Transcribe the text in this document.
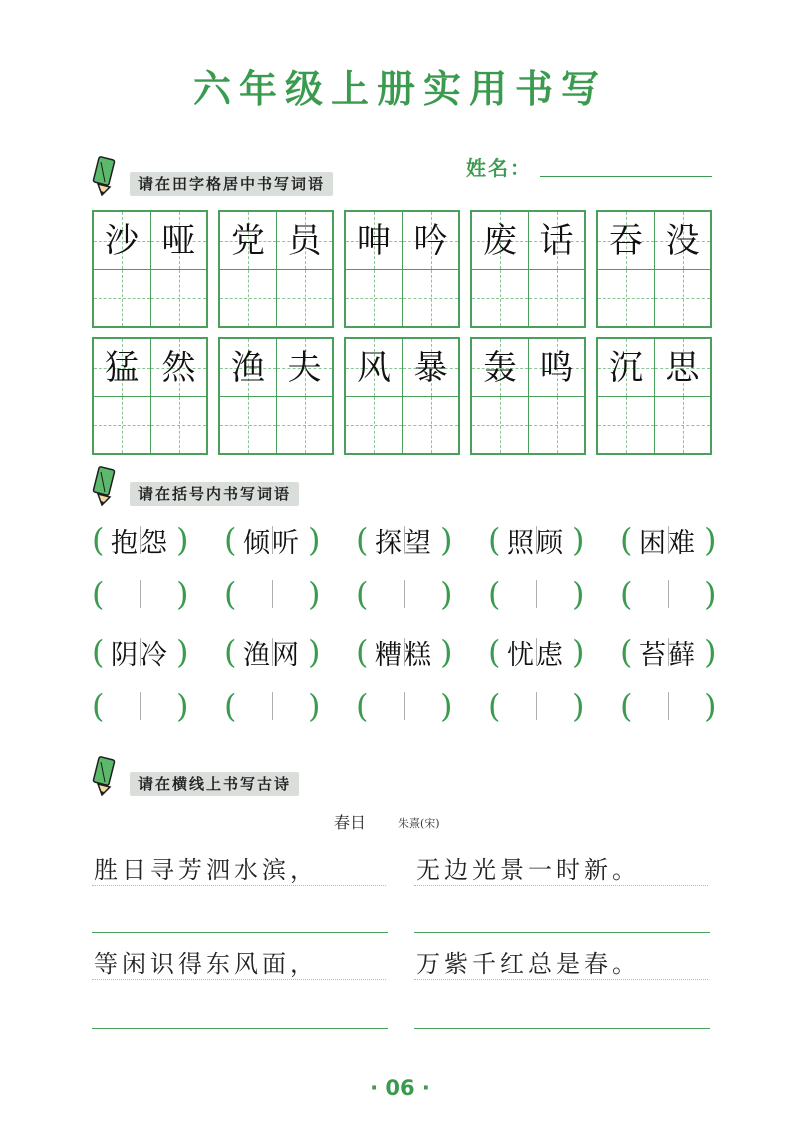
六年级上册实用书写
请在田字格居中书写词语
姓名：
沙 哑	党 员	呻 吟	废 话	吞 没
猛 然	渔 夫	风 暴	轰 鸣	沉 思
请在括号内书写词语
( 抱怨 ) ( 倾听 ) ( 探望 ) ( 照顾 ) ( 困难 )
( ) ( ) ( ) ( ) ( )
( 阴冷 ) ( 渔网 ) ( 糟糕 ) ( 忧虑 ) ( 苔藓 )
( ) ( ) ( ) ( ) ( )
请在横线上书写古诗
春日	朱熹(宋)
胜日寻芳泗水滨，	无边光景一时新。
等闲识得东风面，	万紫千红总是春。
· 06 ·
